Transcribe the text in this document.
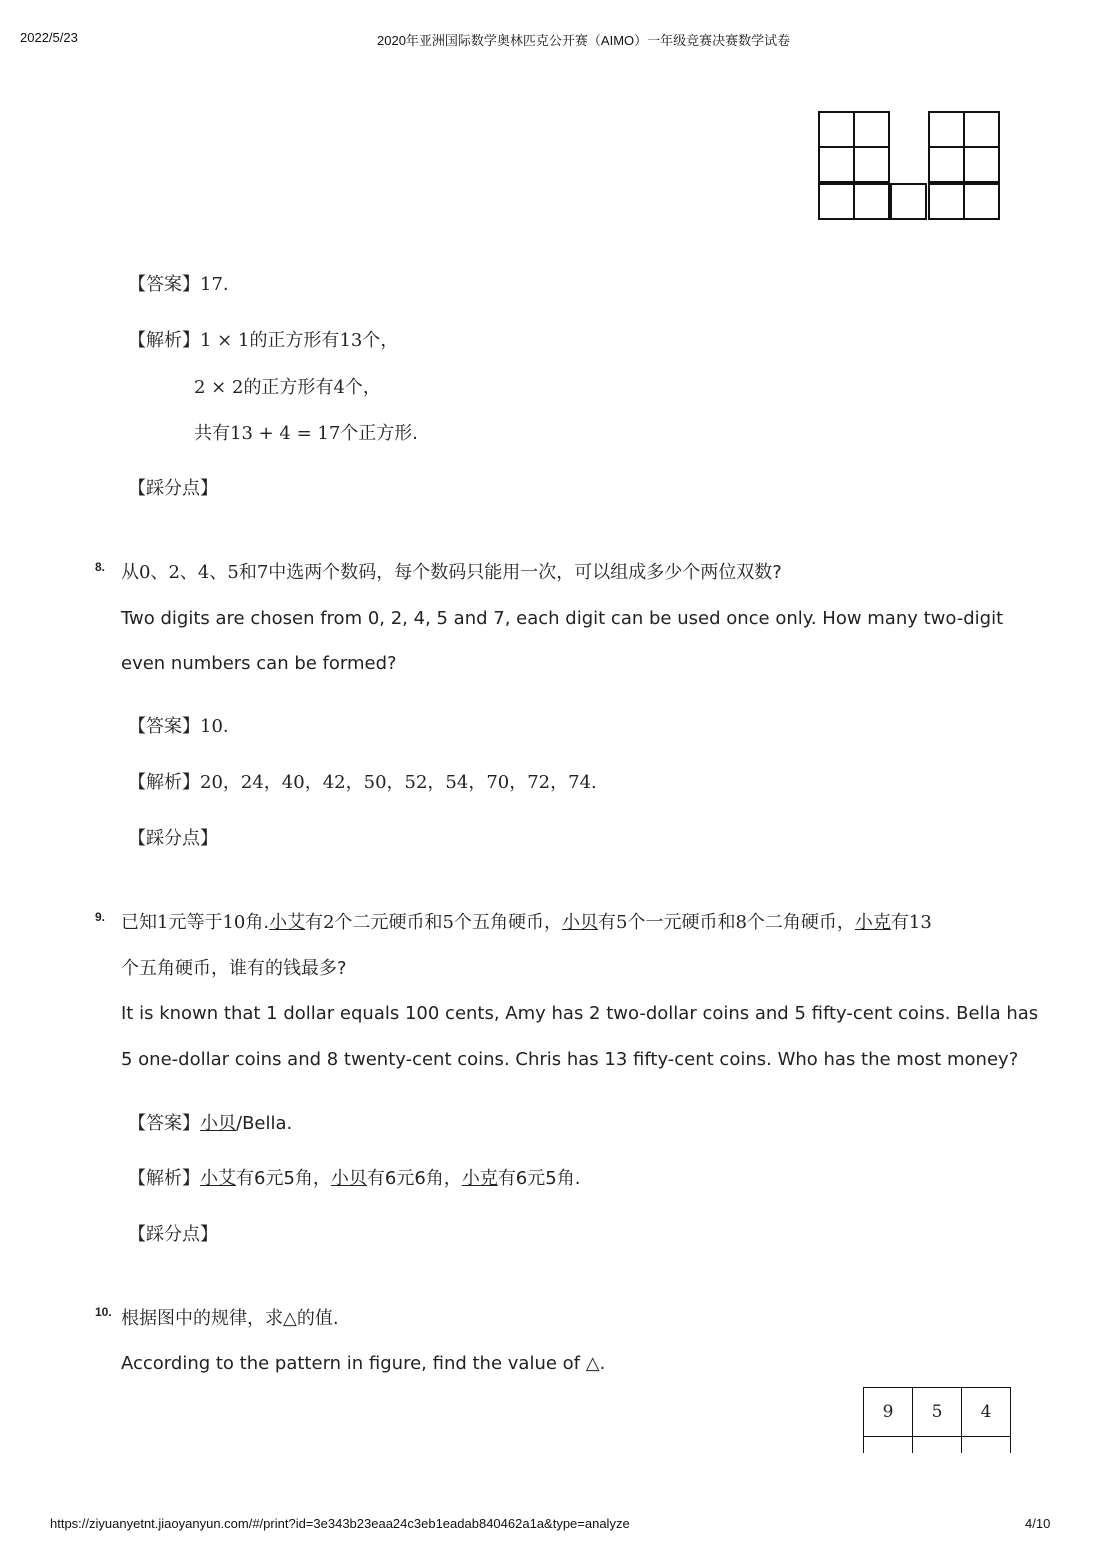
2022/5/23	2020年亚洲国际数学奥林匹克公开赛（AIMO）一年级竞赛决赛数学试卷
【答案】17.
【解析】1 × 1的正方形有13个，
2 × 2的正方形有4个，
共有13 + 4 = 17个正方形.
【踩分点】
8. 从0、2、4、5和7中选两个数码，每个数码只能用一次，可以组成多少个两位双数?
Two digits are chosen from 0, 2, 4, 5 and 7, each digit can be used once only. How many two-digit
even numbers can be formed?
【答案】10.
【解析】20，24，40，42，50，52，54，70，72，74.
【踩分点】
9. 已知1元等于10角.小艾有2个二元硬币和5个五角硬币，小贝有5个一元硬币和8个二角硬币，小克有13
个五角硬币，谁有的钱最多?
It is known that 1 dollar equals 100 cents, Amy has 2 two-dollar coins and 5 fifty-cent coins. Bella has
5 one-dollar coins and 8 twenty-cent coins. Chris has 13 fifty-cent coins. Who has the most money?
【答案】小贝/Bella.
【解析】小艾有6元5角，小贝有6元6角，小克有6元5角.
【踩分点】
10. 根据图中的规律，求△的值.
According to the pattern in figure, find the value of △.
9	5	4
https://ziyuanyetnt.jiaoyanyun.com/#/print?id=3e343b23eaa24c3eb1eadab840462a1a&type=analyze	4/10
